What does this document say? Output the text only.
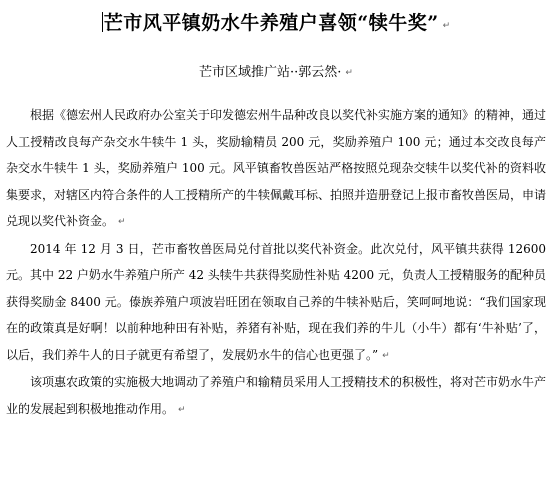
芒市风平镇奶水牛养殖户喜领“犊牛奖” ↵
芒市区域推广站··郭云然· ↵

根据《德宏州人民政府办公室关于印发德宏州牛品种改良以奖代补实施方案的通知》的精神，通过人工授精改良每产杂交水牛犊牛 1 头，奖励输精员 200 元，奖励养殖户 100 元；通过本交改良每产杂交水牛犊牛 1 头，奖励养殖户 100 元。风平镇畜牧兽医站严格按照兑现杂交犊牛以奖代补的资料收集要求，对辖区内符合条件的人工授精所产的牛犊佩戴耳标、拍照并造册登记上报市畜牧兽医局，申请兑现以奖代补资金。 ↵

2014 年 12 月 3 日，芒市畜牧兽医局兑付首批以奖代补资金。此次兑付，风平镇共获得 12600 元。其中 22 户奶水牛养殖户所产 42 头犊牛共获得奖励性补贴 4200 元，负责人工授精服务的配种员获得奖励金 8400 元。傣族养殖户项波岩旺团在领取自己养的牛犊补贴后，笑呵呵地说：“我们国家现在的政策真是好啊！以前种地种田有补贴，养猪有补贴，现在我们养的牛儿（小牛）都有‘牛补贴’了，以后，我们养牛人的日子就更有希望了，发展奶水牛的信心也更强了。” ↵

该项惠农政策的实施极大地调动了养殖户和输精员采用人工授精技术的积极性，将对芒市奶水牛产业的发展起到积极地推动作用。 ↵
